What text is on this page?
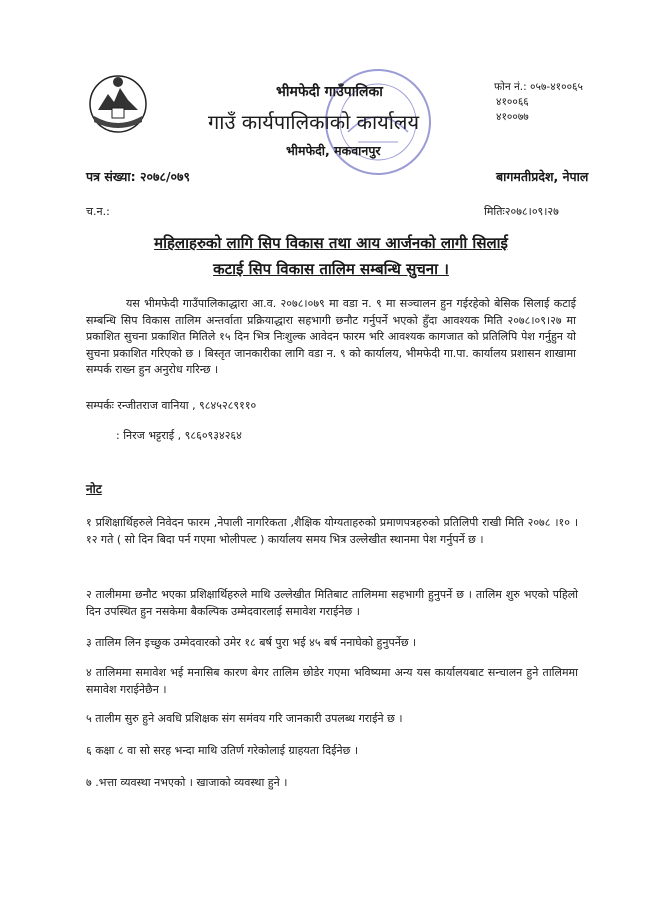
भीमफेदी गाउँपालिका
गाउँ कार्यपालिकाको कार्यालय
भीमफेदी, मकवानपुर
फोन नं.: ०५७-४१००६५
४१००६६
४१००७७
पत्र संख्या: २०७८/०७९	बागमतीप्रदेश, नेपाल
च.न.:	मितिः२०७८।०९।२७
महिलाहरुको लागि सिप विकास तथा आय आर्जनको लागी सिलाई
कटाई सिप विकास तालिम सम्बन्धि सुचना ।
यस भीमफेदी गाउँपालिकाद्धारा आ.व. २०७८।०७९ मा वडा न. ९ मा सञ्चालन हुन गईरहेको बेसिक सिलाई कटाई सम्बन्धि सिप विकास तालिम अन्तर्वाता प्रक्रियाद्धारा सहभागी छनौट गर्नुपर्ने भएको हुँदा आवश्यक मिति २०७८।०९।२७ मा प्रकाशित सुचना प्रकाशित मितिले १५ दिन भित्र निःशुल्क आवेदन फारम भरि आवश्यक कागजात को प्रतिलिपि पेश गर्नुहुन यो सुचना प्रकाशित गरिएको छ । बिस्तृत जानकारीका लागि वडा न. ९ को कार्यालय, भीमफेदी गा.पा. कार्यालय प्रशासन शाखामा सम्पर्क राख्न हुन अनुरोध गरिन्छ ।
सम्पर्कः रन्जीतराज वानिया , ९८४५२८९११०
: निरज भट्टराई , ९८६०९३४२६४
नोट
१ प्रशिक्षार्थिहरुले निवेदन फारम ,नेपाली नागरिकता ,शैक्षिक योग्यताहरुको प्रमाणपत्रहरुको प्रतिलिपी राखी मिति २०७८ ।१० ।१२ गते ( सो दिन बिदा पर्न गएमा भोलीपल्ट ) कार्यालय समय भित्र उल्लेखीत स्थानमा पेश गर्नुपर्ने छ ।
२ तालीममा छनौट भएका प्रशिक्षार्थिहरुले माथि उल्लेखीत मितिबाट तालिममा सहभागी हुनुपर्ने छ । तालिम शुरु भएको पहिलो दिन उपस्थित हुन नसकेमा बैकल्पिक उम्मेदवारलाई समावेश गराईनेछ ।
३ तालिम लिन इच्छुक उम्मेदवारको उमेर १८ बर्ष पुरा भई ४५ बर्ष ननाघेको हुनुपर्नेछ ।
४ तालिममा समावेश भई मनासिब कारण बेगर तालिम छोडेर गएमा भविष्यमा अन्य यस कार्यालयबाट सन्चालन हुने तालिममा समावेश गराईनेछैन ।
५ तालीम सुरु हुने अवधि प्रशिक्षक संग समंवय गरि जानकारी उपलब्ध गराईने छ ।
६ कक्षा ८ वा सो सरह भन्दा माथि उतिर्ण गरेकोलाई ग्राहयता दिईनेछ ।
७ .भत्ता व्यवस्था नभएको । खाजाको व्यवस्था हुने ।
